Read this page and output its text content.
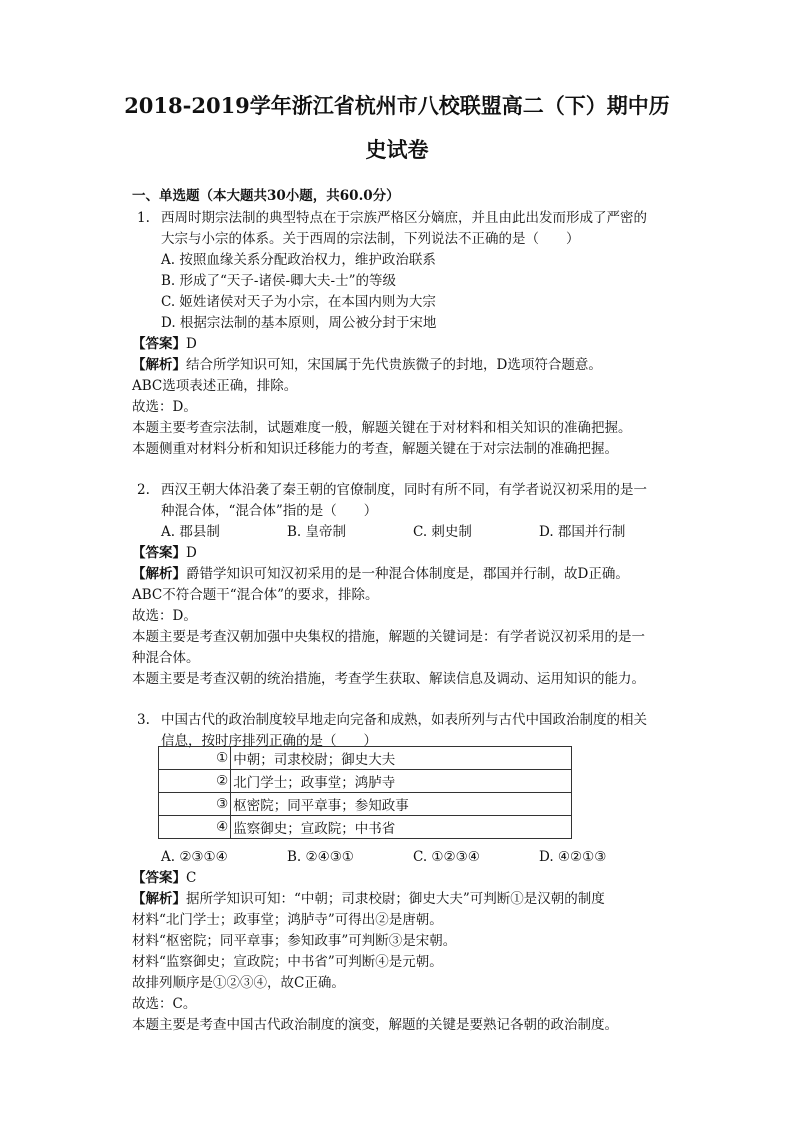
2018-2019学年浙江省杭州市八校联盟高二（下）期中历
史试卷
一、单选题（本大题共30小题，共60.0分）
1. 西周时期宗法制的典型特点在于宗族严格区分嫡庶，并且由此出发而形成了严密的
大宗与小宗的体系。关于西周的宗法制，下列说法不正确的是（　　）
A. 按照血缘关系分配政治权力，维护政治联系
B. 形成了“天子-诸侯-卿大夫-士”的等级
C. 姬姓诸侯对天子为小宗，在本国内则为大宗
D. 根据宗法制的基本原则，周公被分封于宋地
【答案】D
【解析】结合所学知识可知，宋国属于先代贵族微子的封地，D选项符合题意。
ABC选项表述正确，排除。
故选：D。
本题主要考查宗法制，试题难度一般，解题关键在于对材料和相关知识的准确把握。
本题侧重对材料分析和知识迁移能力的考查，解题关键在于对宗法制的准确把握。
2. 西汉王朝大体沿袭了秦王朝的官僚制度，同时有所不同，有学者说汉初采用的是一
种混合体，“混合体”指的是（　　）
A. 郡县制	B. 皇帝制	C. 刺史制	D. 郡国并行制
【答案】D
【解析】爵错学知识可知汉初采用的是一种混合体制度是，郡国并行制，故D正确。
ABC不符合题干“混合体”的要求，排除。
故选：D。
本题主要是考查汉朝加强中央集权的措施，解题的关键词是：有学者说汉初采用的是一
种混合体。
本题主要是考查汉朝的统治措施，考查学生获取、解读信息及调动、运用知识的能力。
3. 中国古代的政治制度较早地走向完备和成熟，如表所列与古代中国政治制度的相关
信息，按时序排列正确的是（　　）
①	中朝；司隶校尉；御史大夫
②	北门学士；政事堂；鸿胪寺
③	枢密院；同平章事；参知政事
④	监察御史；宣政院；中书省
A. ②③①④	B. ②④③①	C. ①②③④	D. ④②①③
【答案】C
【解析】据所学知识可知：“中朝；司隶校尉；御史大夫”可判断①是汉朝的制度
材料“北门学士；政事堂；鸿胪寺”可得出②是唐朝。
材料“枢密院；同平章事；参知政事”可判断③是宋朝。
材料“监察御史；宣政院；中书省”可判断④是元朝。
故排列顺序是①②③④，故C正确。
故选：C。
本题主要是考查中国古代政治制度的演变，解题的关键是要熟记各朝的政治制度。
